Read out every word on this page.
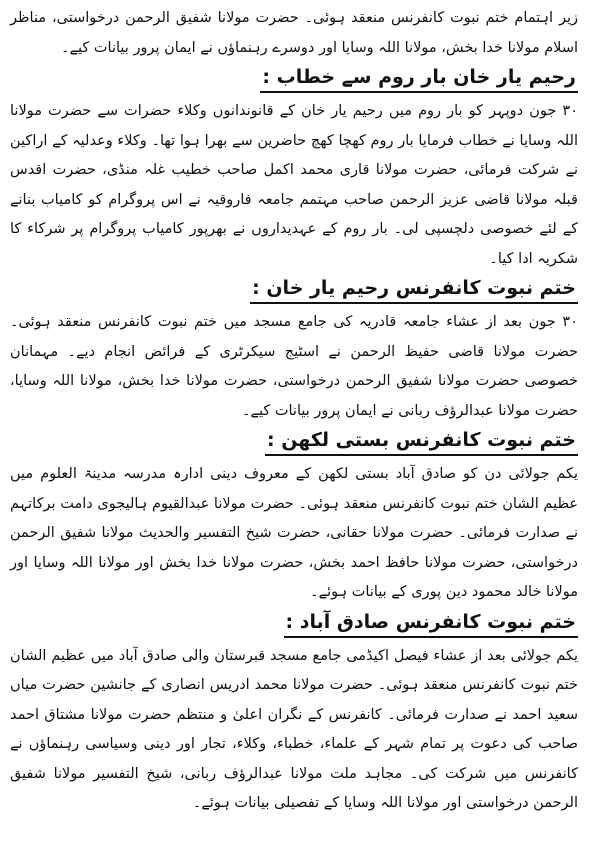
زیر اہتمام ختم نبوت کانفرنس منعقد ہوئی۔ حضرت مولانا شفیق الرحمن درخواستی، مناظر اسلام مولانا خدا بخش، مولانا اللہ وسایا اور دوسرے رہنماؤں نے ایمان پرور بیانات کیے۔

رحیم یار خان بار روم سے خطاب :

۳۰ جون دوپہر کو بار روم میں رحیم یار خان کے قانوندانوں وکلاء حضرات سے حضرت مولانا اللہ وسایا نے خطاب فرمایا بار روم کھچا کھچ حاضرین سے بھرا ہوا تھا۔ وکلاء وعدلیہ کے اراکین نے شرکت فرمائی، حضرت مولانا قاری محمد اکمل صاحب خطیب غلہ منڈی، حضرت اقدس قبلہ مولانا قاضی عزیز الرحمن صاحب مہتمم جامعہ فاروقیہ نے اس پروگرام کو کامیاب بنانے کے لئے خصوصی دلچسپی لی۔ بار روم کے عہدیداروں نے بھرپور کامیاب پروگرام پر شرکاء کا شکریہ ادا کیا۔

ختم نبوت کانفرنس رحیم یار خان :

۳۰ جون بعد از عشاء جامعہ قادریہ کی جامع مسجد میں ختم نبوت کانفرنس منعقد ہوئی۔ حضرت مولانا قاضی حفیظ الرحمن نے اسٹیج سیکرٹری کے فرائض انجام دیے۔ مہمانان خصوصی حضرت مولانا شفیق الرحمن درخواستی، حضرت مولانا خدا بخش، مولانا اللہ وسایا، حضرت مولانا عبدالرؤف ربانی نے ایمان پرور بیانات کیے۔

ختم نبوت کانفرنس بستی لکھن :

یکم جولائی دن کو صادق آباد بستی لکھن کے معروف دینی ادارہ مدرسہ مدینۃ العلوم میں عظیم الشان ختم نبوت کانفرنس منعقد ہوئی۔ حضرت مولانا عبدالقیوم ہالیجوی دامت برکاتہم نے صدارت فرمائی۔ حضرت مولانا حقانی، حضرت شیخ التفسیر والحدیث مولانا شفیق الرحمن درخواستی، حضرت مولانا حافظ احمد بخش، حضرت مولانا خدا بخش اور مولانا اللہ وسایا اور مولانا خالد محمود دین پوری کے بیانات ہوئے۔

ختم نبوت کانفرنس صادق آباد :

یکم جولائی بعد از عشاء فیصل اکیڈمی جامع مسجد قبرستان والی صادق آباد میں عظیم الشان ختم نبوت کانفرنس منعقد ہوئی۔ حضرت مولانا محمد ادریس انصاری کے جانشین حضرت میاں سعید احمد نے صدارت فرمائی۔ کانفرنس کے نگران اعلیٰ و منتظم حضرت مولانا مشتاق احمد صاحب کی دعوت پر تمام شہر کے علماء، خطباء، وکلاء، تجار اور دینی وسیاسی رہنماؤں نے کانفرنس میں شرکت کی۔ مجاہد ملت مولانا عبدالرؤف ربانی، شیخ التفسیر مولانا شفیق الرحمن درخواستی اور مولانا اللہ وسایا کے تفصیلی بیانات ہوئے۔
